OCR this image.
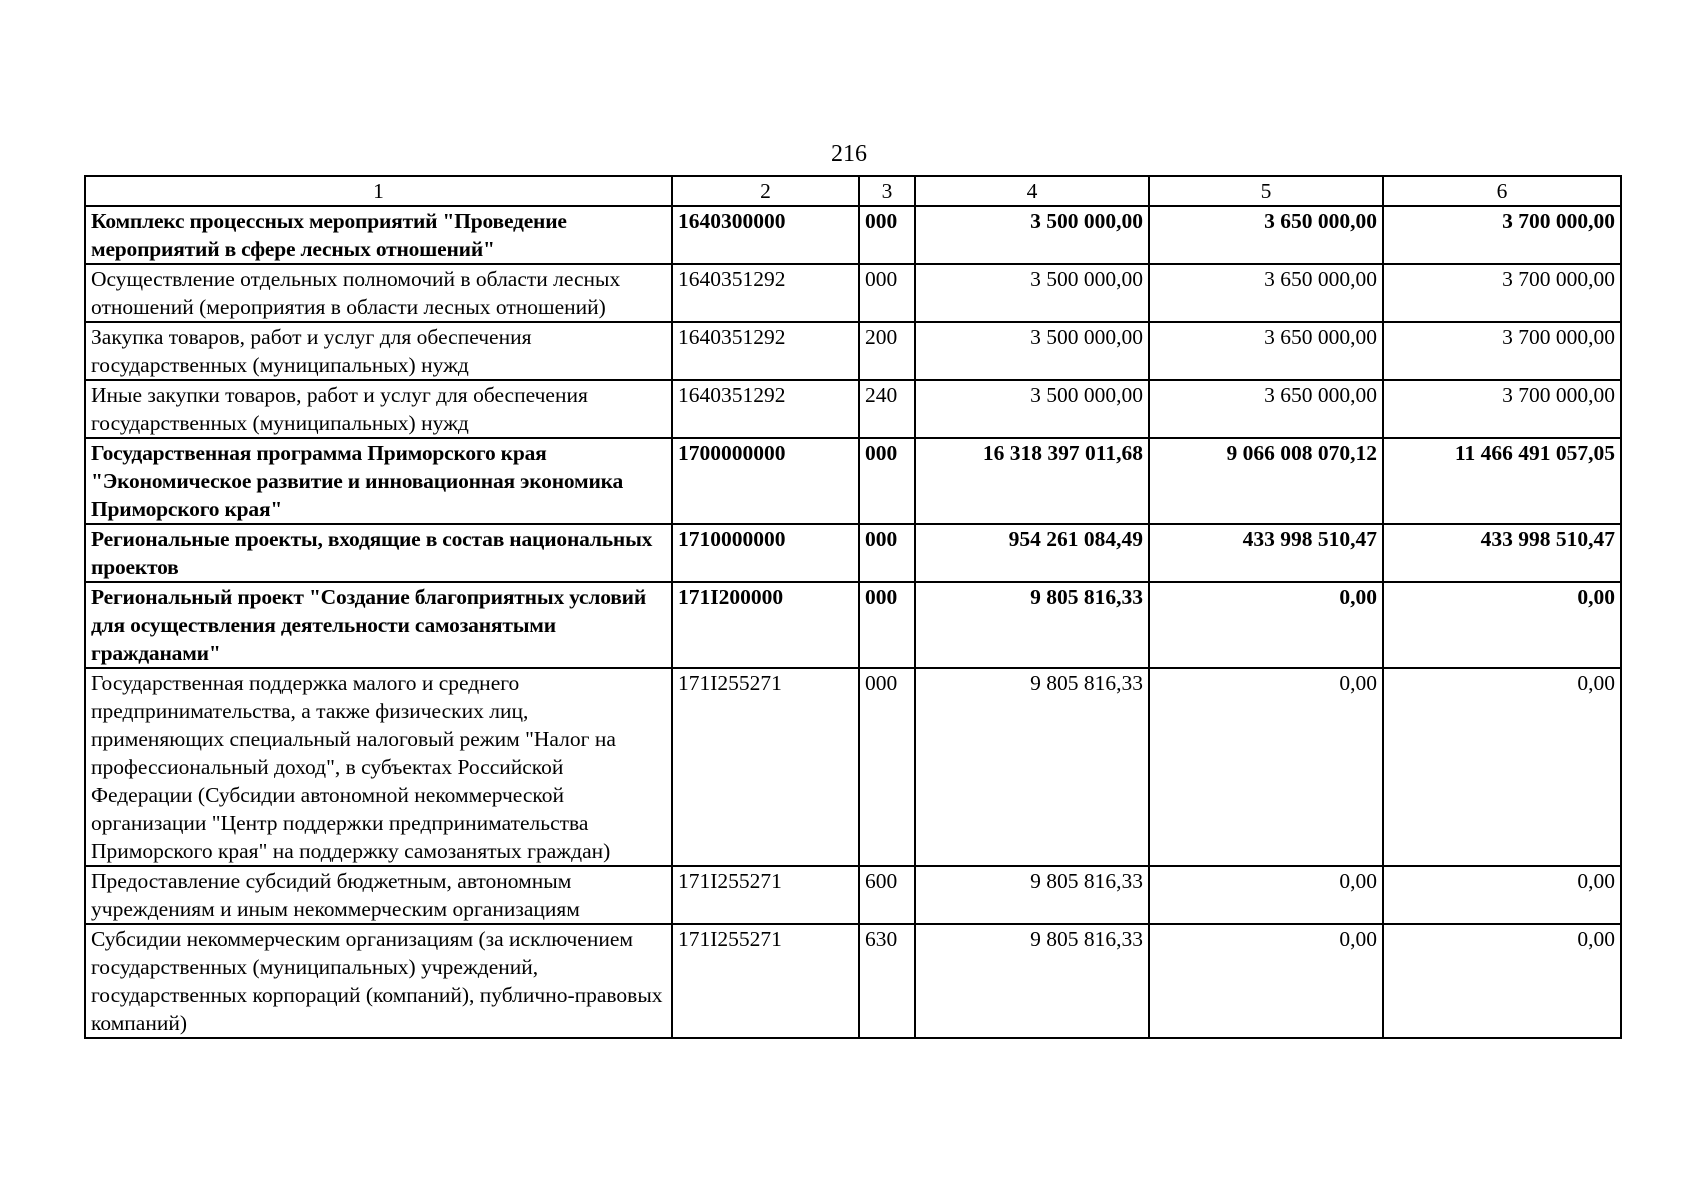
216
1	2	3	4	5	6
Комплекс процессных мероприятий "Проведение мероприятий в сфере лесных отношений"	1640300000	000	3 500 000,00	3 650 000,00	3 700 000,00
Осуществление отдельных полномочий в области лесных отношений (мероприятия в области лесных отношений)	1640351292	000	3 500 000,00	3 650 000,00	3 700 000,00
Закупка товаров, работ и услуг для обеспечения государственных (муниципальных) нужд	1640351292	200	3 500 000,00	3 650 000,00	3 700 000,00
Иные закупки товаров, работ и услуг для обеспечения государственных (муниципальных) нужд	1640351292	240	3 500 000,00	3 650 000,00	3 700 000,00
Государственная программа Приморского края "Экономическое развитие и инновационная экономика Приморского края"	1700000000	000	16 318 397 011,68	9 066 008 070,12	11 466 491 057,05
Региональные проекты, входящие в состав национальных проектов	1710000000	000	954 261 084,49	433 998 510,47	433 998 510,47
Региональный проект "Создание благоприятных условий для осуществления деятельности самозанятыми гражданами"	171I200000	000	9 805 816,33	0,00	0,00
Государственная поддержка малого и среднего предпринимательства, а также физических лиц, применяющих специальный налоговый режим "Налог на профессиональный доход", в субъектах Российской Федерации (Субсидии автономной некоммерческой организации "Центр поддержки предпринимательства Приморского края" на поддержку самозанятых граждан)	171I255271	000	9 805 816,33	0,00	0,00
Предоставление субсидий бюджетным, автономным учреждениям и иным некоммерческим организациям	171I255271	600	9 805 816,33	0,00	0,00
Субсидии некоммерческим организациям (за исключением государственных (муниципальных) учреждений, государственных корпораций (компаний), публично-правовых компаний)	171I255271	630	9 805 816,33	0,00	0,00
